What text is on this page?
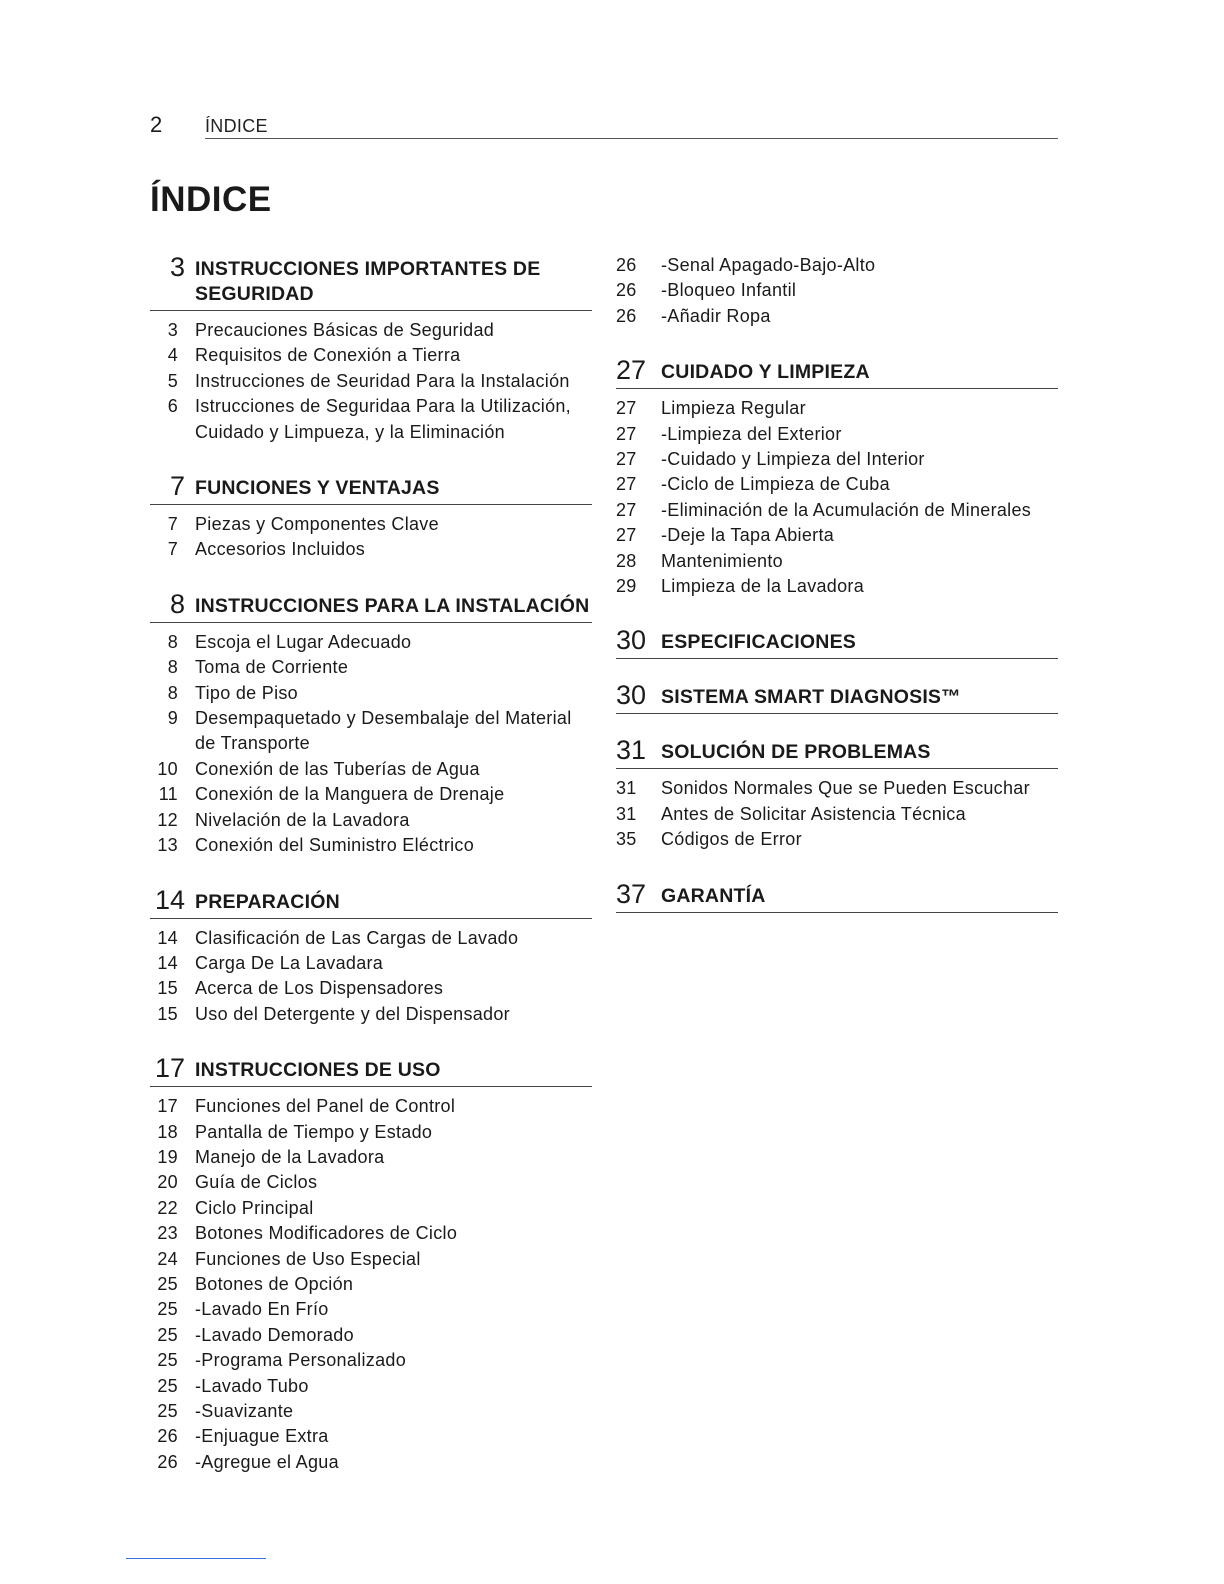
2 ÍNDICE
ÍNDICE
3 INSTRUCCIONES IMPORTANTES DE SEGURIDAD
3 Precauciones Básicas de Seguridad
4 Requisitos de Conexión a Tierra
5 Instrucciones de Seuridad Para la Instalación
6 Istrucciones de Seguridaa Para la Utilización, Cuidado y Limpueza, y la Eliminación
7 FUNCIONES Y VENTAJAS
7 Piezas y Componentes Clave
7 Accesorios Incluidos
8 INSTRUCCIONES PARA LA INSTALACIÓN
8 Escoja el Lugar Adecuado
8 Toma de Corriente
8 Tipo de Piso
9 Desempaquetado y Desembalaje del Material de Transporte
10 Conexión de las Tuberías de Agua
11 Conexión de la Manguera de Drenaje
12 Nivelación de la Lavadora
13 Conexión del Suministro Eléctrico
14 PREPARACIÓN
14 Clasificación de Las Cargas de Lavado
14 Carga De La Lavadara
15 Acerca de Los Dispensadores
15 Uso del Detergente y del Dispensador
17 INSTRUCCIONES DE USO
17 Funciones del Panel de Control
18 Pantalla de Tiempo y Estado
19 Manejo de la Lavadora
20 Guía de Ciclos
22 Ciclo Principal
23 Botones Modificadores de Ciclo
24 Funciones de Uso Especial
25 Botones de Opción
25 -Lavado En Frío
25 -Lavado Demorado
25 -Programa Personalizado
25 -Lavado Tubo
25 -Suavizante
26 -Enjuague Extra
26 -Agregue el Agua
26	-Senal Apagado-Bajo-Alto
26	-Bloqueo Infantil
26	-Añadir Ropa
27 CUIDADO Y LIMPIEZA
27	Limpieza Regular
27	-Limpieza del Exterior
27	-Cuidado y Limpieza del Interior
27	-Ciclo de Limpieza de Cuba
27	-Eliminación de la Acumulación de Minerales
27	-Deje la Tapa Abierta
28	Mantenimiento
29	Limpieza de la Lavadora
30 ESPECIFICACIONES
30 SISTEMA SMART DIAGNOSIS™
31 SOLUCIÓN DE PROBLEMAS
31	Sonidos Normales Que se Pueden Escuchar
31	Antes de Solicitar Asistencia Técnica
35	Códigos de Error
37 GARANTÍA
